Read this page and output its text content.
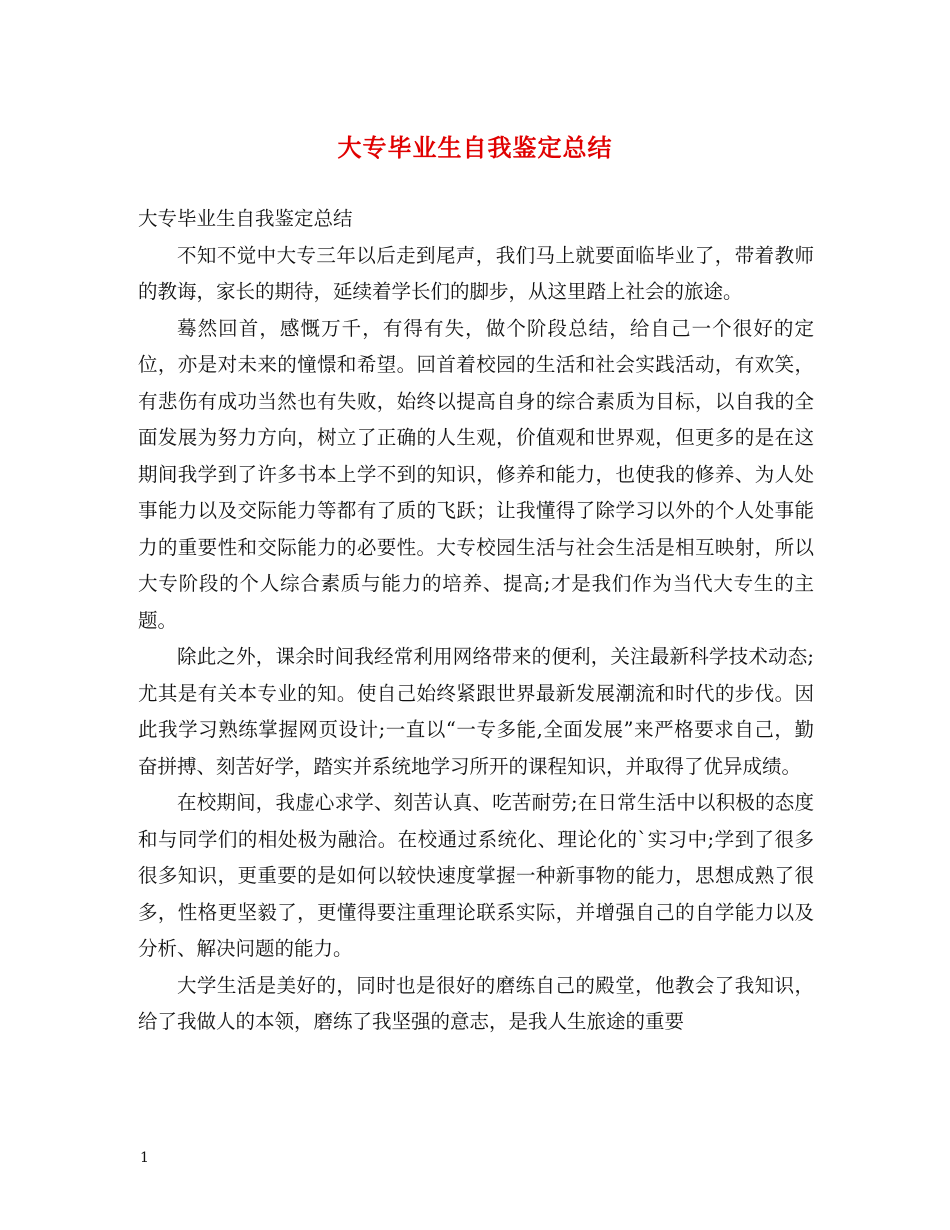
大专毕业生自我鉴定总结

大专毕业生自我鉴定总结

不知不觉中大专三年以后走到尾声，我们马上就要面临毕业了，带着教师的教诲，家长的期待，延续着学长们的脚步，从这里踏上社会的旅途。

蓦然回首，感慨万千，有得有失，做个阶段总结，给自己一个很好的定位，亦是对未来的憧憬和希望。回首着校园的生活和社会实践活动，有欢笑，有悲伤有成功当然也有失败，始终以提高自身的综合素质为目标，以自我的全面发展为努力方向，树立了正确的人生观，价值观和世界观，但更多的是在这期间我学到了许多书本上学不到的知识，修养和能力，也使我的修养、为人处事能力以及交际能力等都有了质的飞跃；让我懂得了除学习以外的个人处事能力的重要性和交际能力的必要性。大专校园生活与社会生活是相互映射，所以大专阶段的个人综合素质与能力的培养、提高;才是我们作为当代大专生的主题。

除此之外，课余时间我经常利用网络带来的便利，关注最新科学技术动态;尤其是有关本专业的知。使自己始终紧跟世界最新发展潮流和时代的步伐。因此我学习熟练掌握网页设计;一直以“一专多能,全面发展”来严格要求自己，勤奋拼搏、刻苦好学，踏实并系统地学习所开的课程知识，并取得了优异成绩。

在校期间，我虚心求学、刻苦认真、吃苦耐劳;在日常生活中以积极的态度和与同学们的相处极为融洽。在校通过系统化、理论化的`实习中;学到了很多很多知识，更重要的是如何以较快速度掌握一种新事物的能力，思想成熟了很多，性格更坚毅了，更懂得要注重理论联系实际，并增强自己的自学能力以及分析、解决问题的能力。

大学生活是美好的，同时也是很好的磨练自己的殿堂，他教会了我知识，给了我做人的本领，磨练了我坚强的意志，是我人生旅途的重要

1
